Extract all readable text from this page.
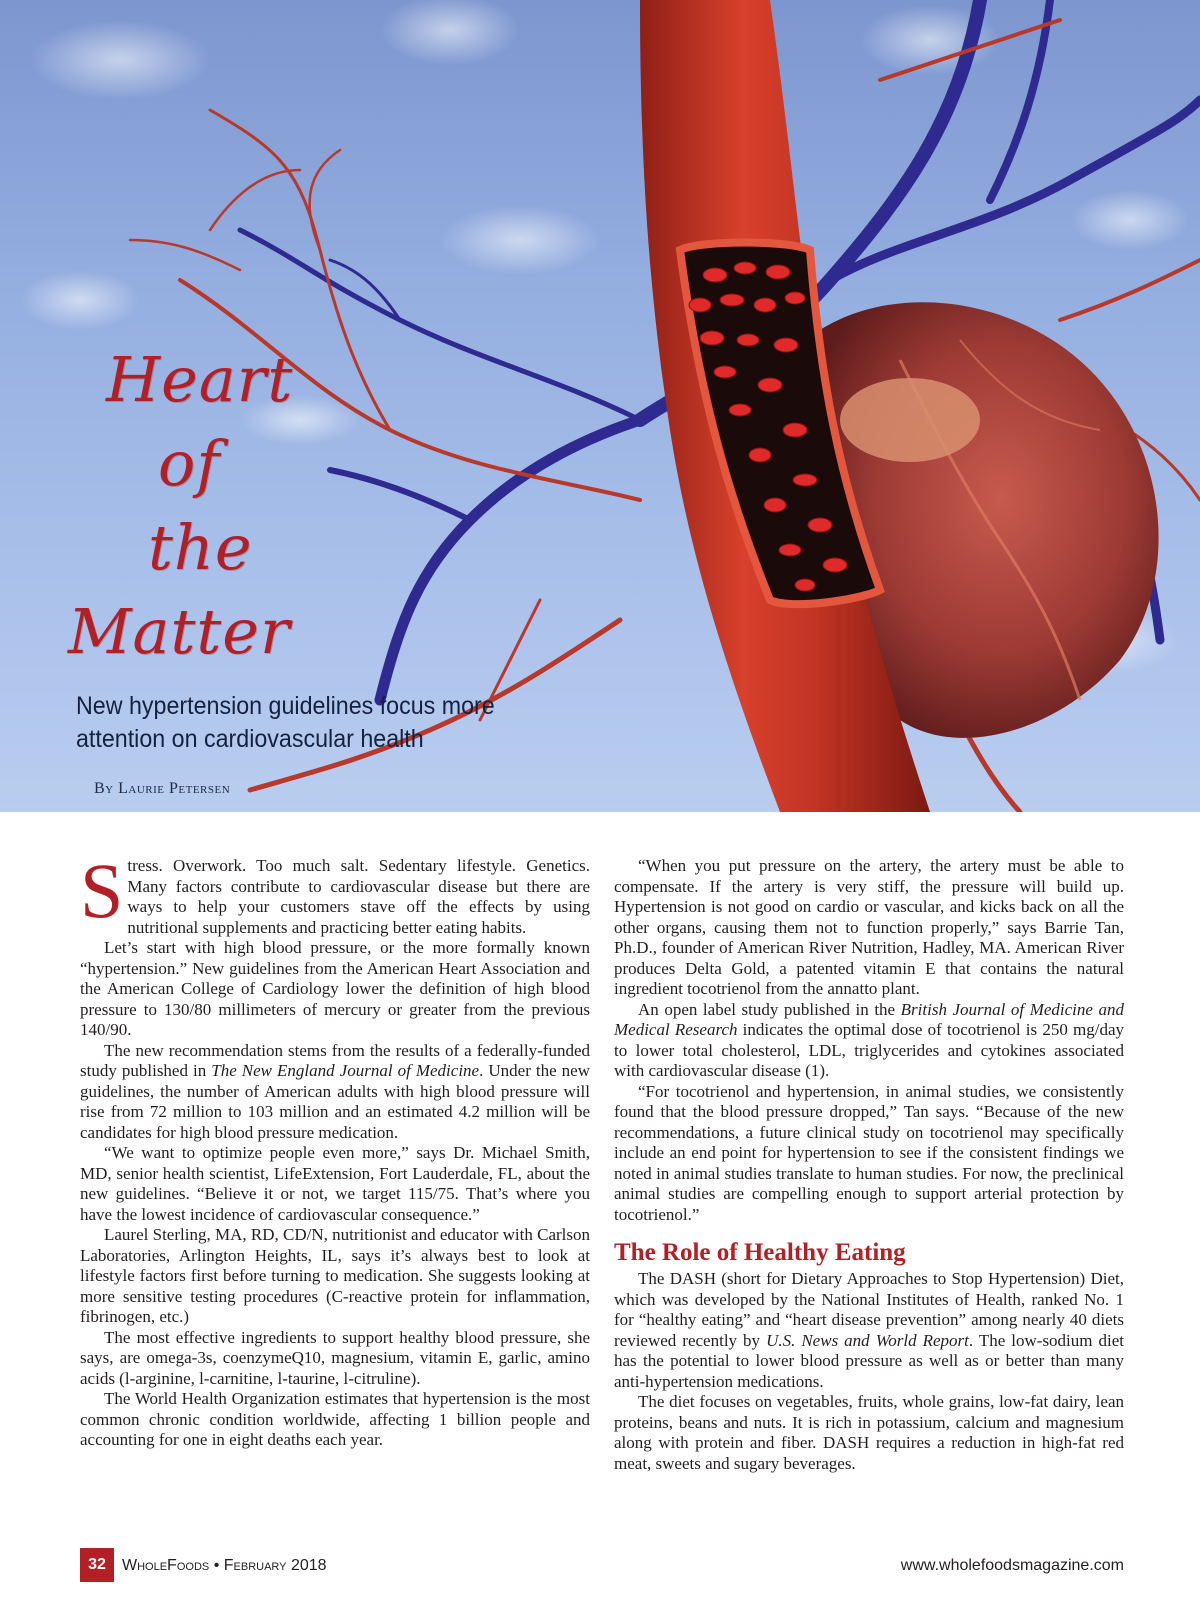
Heart
of
the
Matter

New hypertension guidelines focus more attention on cardiovascular health

By Laurie Petersen

Stress. Overwork. Too much salt. Sedentary lifestyle. Genetics. Many factors contribute to cardiovascular disease but there are ways to help your customers stave off the effects by using nutritional supplements and practicing better eating habits.

Let’s start with high blood pressure, or the more formally known “hypertension.” New guidelines from the American Heart Association and the American College of Cardiology lower the definition of high blood pressure to 130/80 millimeters of mercury or greater from the previous 140/90.

The new recommendation stems from the results of a federally-funded study published in The New England Journal of Medicine. Under the new guidelines, the number of American adults with high blood pressure will rise from 72 million to 103 million and an estimated 4.2 million will be candidates for high blood pressure medication.

“We want to optimize people even more,” says Dr. Michael Smith, MD, senior health scientist, LifeExtension, Fort Lauderdale, FL, about the new guidelines. “Believe it or not, we target 115/75. That’s where you have the lowest incidence of cardiovascular consequence.”

Laurel Sterling, MA, RD, CD/N, nutritionist and educator with Carlson Laboratories, Arlington Heights, IL, says it’s always best to look at lifestyle factors first before turning to medication. She suggests looking at more sensitive testing procedures (C-reactive protein for inflammation, fibrinogen, etc.)

The most effective ingredients to support healthy blood pressure, she says, are omega-3s, coenzymeQ10, magnesium, vitamin E, garlic, amino acids (l-arginine, l-carnitine, l-taurine, l-citruline).

The World Health Organization estimates that hypertension is the most common chronic condition worldwide, affecting 1 billion people and accounting for one in eight deaths each year.

“When you put pressure on the artery, the artery must be able to compensate. If the artery is very stiff, the pressure will build up. Hypertension is not good on cardio or vascular, and kicks back on all the other organs, causing them not to function properly,” says Barrie Tan, Ph.D., founder of American River Nutrition, Hadley, MA. American River produces Delta Gold, a patented vitamin E that contains the natural ingredient tocotrienol from the annatto plant.

An open label study published in the British Journal of Medicine and Medical Research indicates the optimal dose of tocotrienol is 250 mg/day to lower total cholesterol, LDL, triglycerides and cytokines associated with cardiovascular disease (1).

“For tocotrienol and hypertension, in animal studies, we consistently found that the blood pressure dropped,” Tan says. “Because of the new recommendations, a future clinical study on tocotrienol may specifically include an end point for hypertension to see if the consistent findings we noted in animal studies translate to human studies. For now, the preclinical animal studies are compelling enough to support arterial protection by tocotrienol.”

The Role of Healthy Eating

The DASH (short for Dietary Approaches to Stop Hypertension) Diet, which was developed by the National Institutes of Health, ranked No. 1 for “healthy eating” and “heart disease prevention” among nearly 40 diets reviewed recently by U.S. News and World Report. The low-sodium diet has the potential to lower blood pressure as well as or better than many anti-hypertension medications.

The diet focuses on vegetables, fruits, whole grains, low-fat dairy, lean proteins, beans and nuts. It is rich in potassium, calcium and magnesium along with protein and fiber. DASH requires a reduction in high-fat red meat, sweets and sugary beverages.

32	WholeFoods • February 2018	www.wholefoodsmagazine.com
